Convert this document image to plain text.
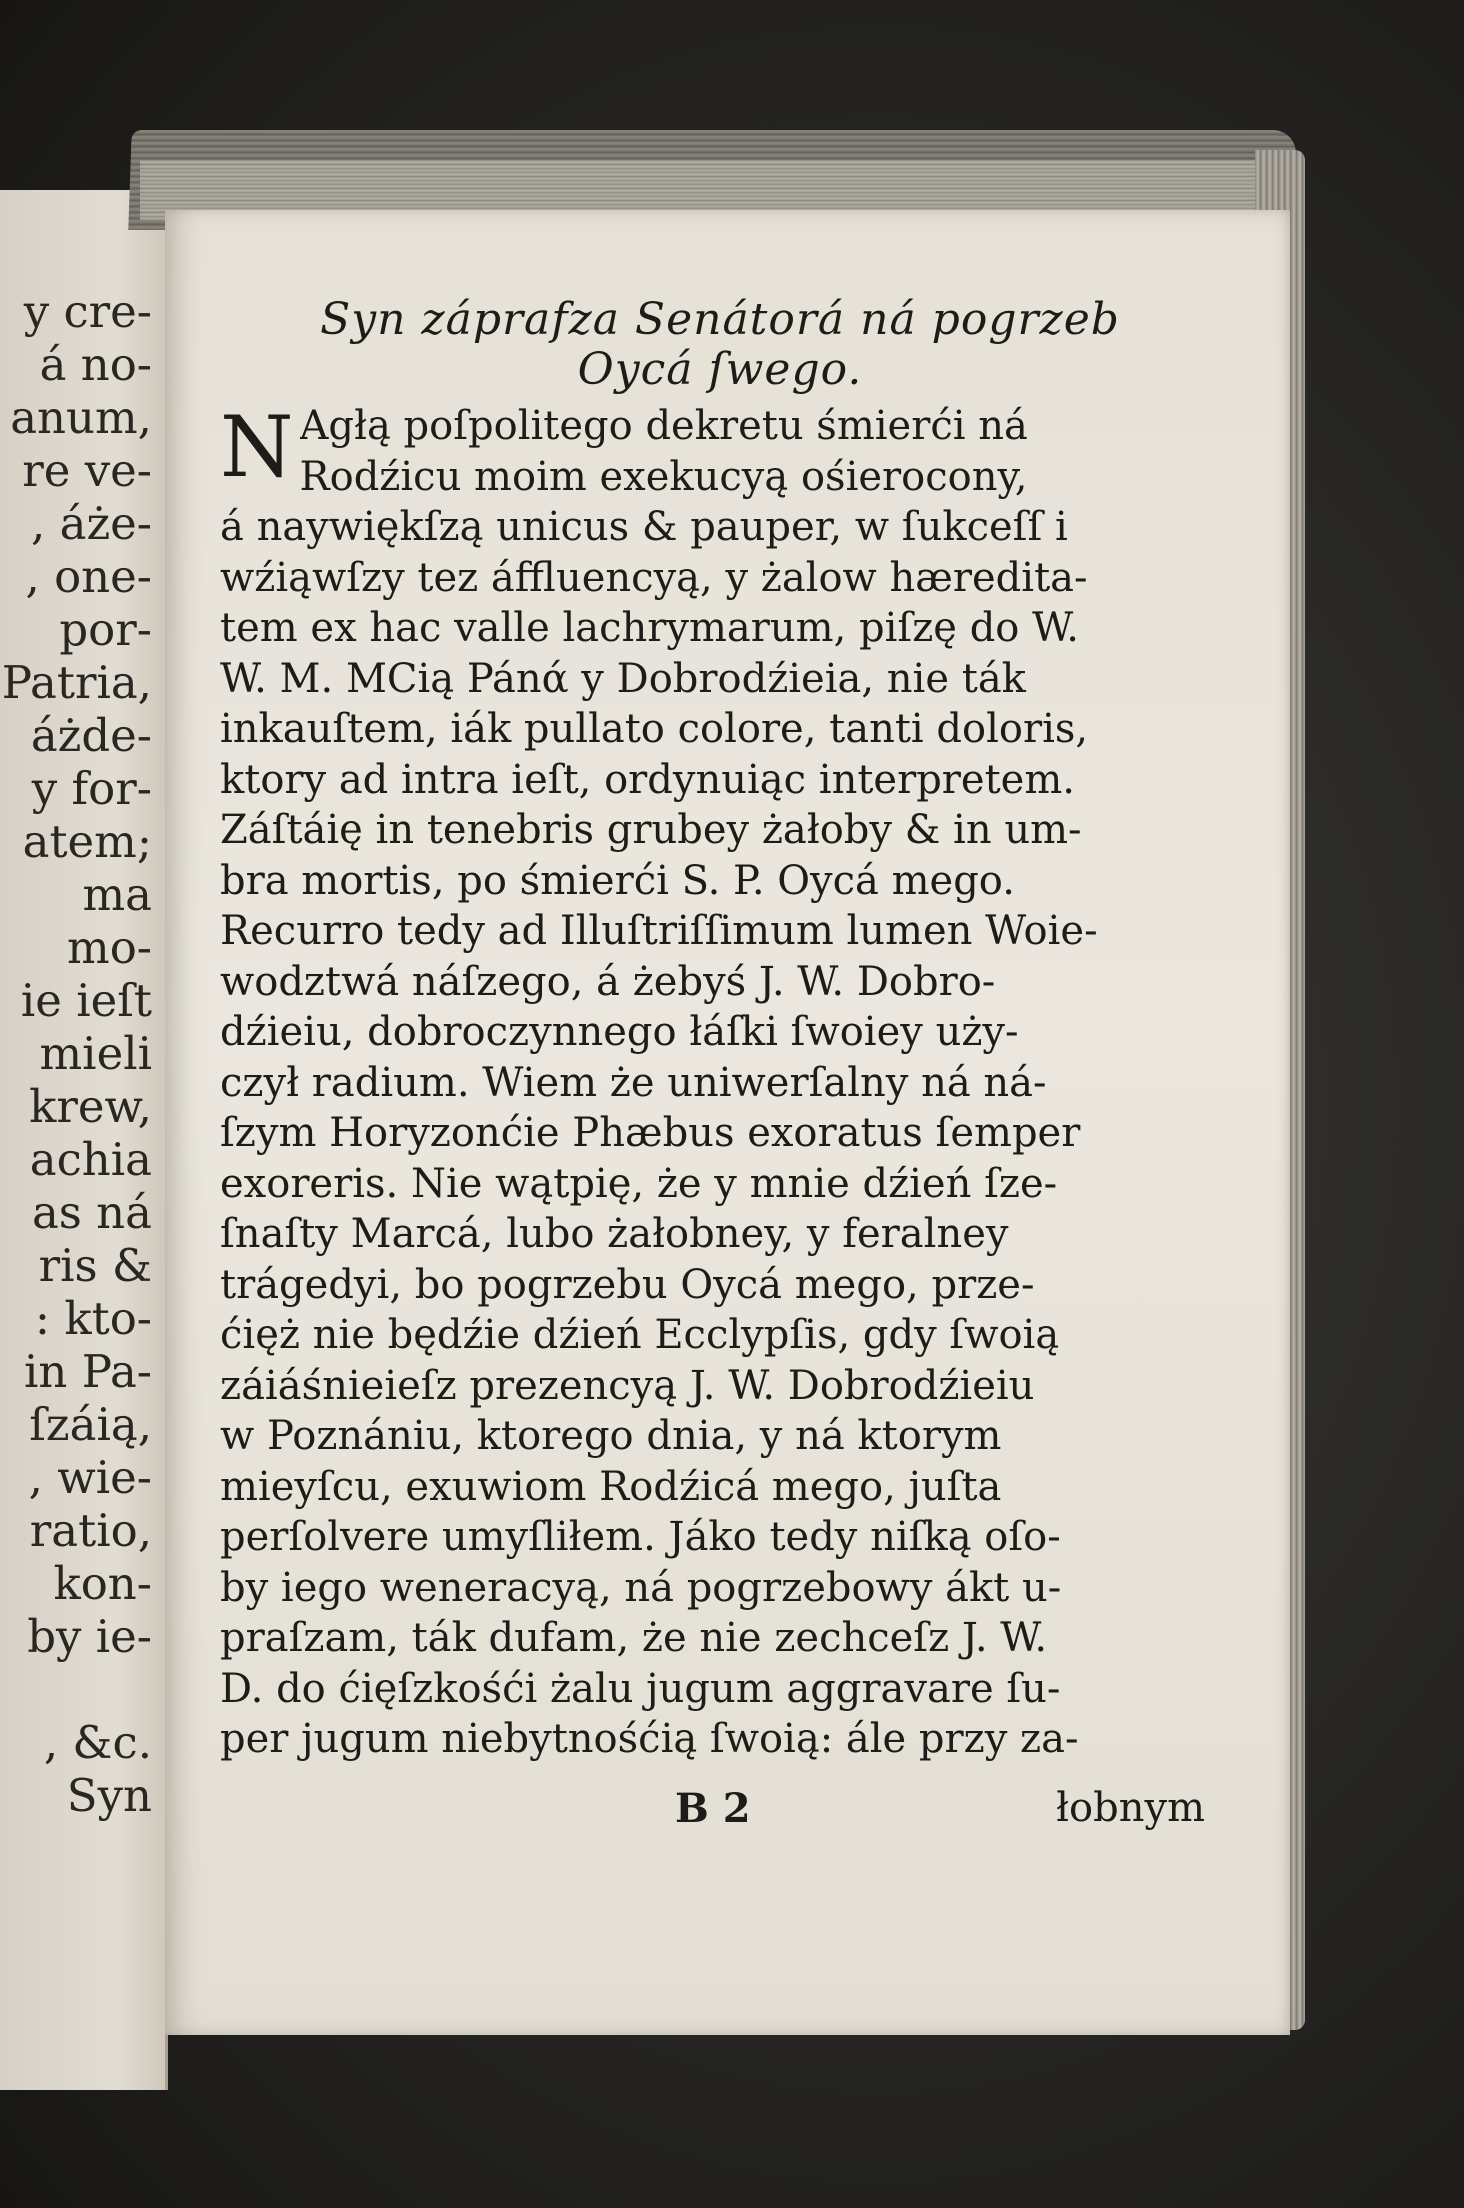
y cre-
á no-
anum,
re ve-
, áże-
, one-
por-
Patria,
áżde-
y for-
atem;
ma
mo-
ie ieſt
mieli
krew,
achia
as ná
ris &
: kto-
in Pa-
ſzáią,
, wie-
ratio,
kon-
by ie-
, &c.
Syn
Syn záprafza Senátorá ná pogrzeb
Oycá ſwego.
N Agłą poſpolitego dekretu śmierći ná
Rodźicu moim exekucyą ośierocony,
á naywiękſzą unicus & pauper, w ſukceſſ i
wźiąwſzy tez áffluencyą, y żalow hæredita-
tem ex hac valle lachrymarum, piſzę do W.
W. M. MCią Pánά y Dobrodźieia, nie ták
inkauſtem, iák pullato colore, tanti doloris,
ktory ad intra ieſt, ordynuiąc interpretem.
Záſtáię in tenebris grubey żałoby & in um-
bra mortis, po śmierći S. P. Oycá mego.
Recurro tedy ad Illuſtriſſimum lumen Woie-
wodztwá náſzego, á żebyś J. W. Dobro-
dźieiu, dobroczynnego łáſki ſwoiey uży-
czył radium. Wiem że uniwerſalny ná ná-
ſzym Horyzonćie Phæbus exoratus ſemper
exoreris. Nie wątpię, że y mnie dźień ſze-
ſnaſty Marcá, lubo żałobney, y feralney
trágedyi, bo pogrzebu Oycá mego, prze-
ćięż nie będźie dźień Ecclypſis, gdy ſwoią
záiáśnieieſz prezencyą J. W. Dobrodźieiu
w Poznániu, ktorego dnia, y ná ktorym
mieyſcu, exuwiom Rodźicá mego, juſta
perſolvere umyſliłem. Jáko tedy niſką oſo-
by iego weneracyą, ná pogrzebowy ákt u-
praſzam, ták dufam, że nie zechceſz J. W.
D. do ćięſzkośći żalu jugum aggravare ſu-
per jugum niebytnośćią ſwoią: ále przy za-
B 2	łobnym
